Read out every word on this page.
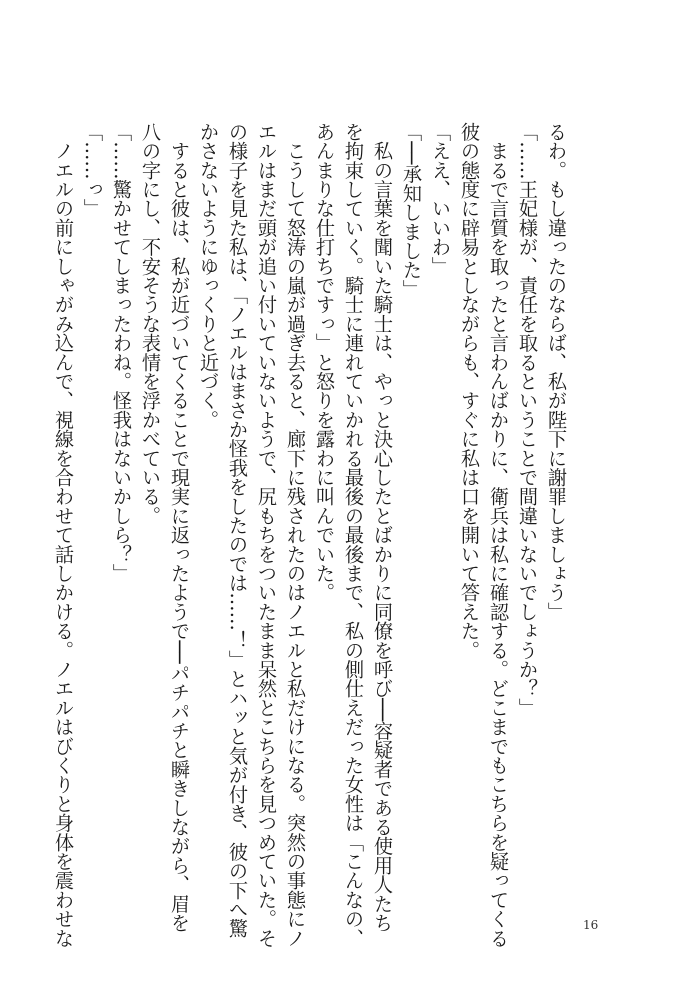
るわ。もし違ったのならば、私が陛下に謝罪しましょう」
「……王妃様が、責任を取るということで間違いないでしょうか？」
　まるで言質を取ったと言わんばかりに、衛兵は私に確認する。どこまでもこちらを疑ってくる
彼の態度に辟易としながらも、すぐに私は口を開いて答えた。
「ええ、いいわ」
「──承知しました」
　私の言葉を聞いた騎士は、やっと決心したとばかりに同僚を呼び──容疑者である使用人たち
を拘束していく。騎士に連れていかれる最後の最後まで、私の側仕えだった女性は「こんなの、
あんまりな仕打ちですっ」と怒りを露わに叫んでいた。
　こうして怒涛の嵐が過ぎ去ると、廊下に残されたのはノエルと私だけになる。突然の事態にノ
エルはまだ頭が追い付いていないようで、尻もちをついたまま呆然とこちらを見つめていた。そ
の様子を見た私は、「ノエルはまさか怪我をしたのでは……！」とハッと気が付き、彼の下へ驚
かさないようにゆっくりと近づく。
　すると彼は、私が近づいてくることで現実に返ったようで──パチパチと瞬きしながら、眉を
八の字にし、不安そうな表情を浮かべている。
「……驚かせてしまったわね。怪我はないかしら？」
「……っ」
　ノエルの前にしゃがみ込んで、視線を合わせて話しかける。ノエルはびくりと身体を震わせな	16
